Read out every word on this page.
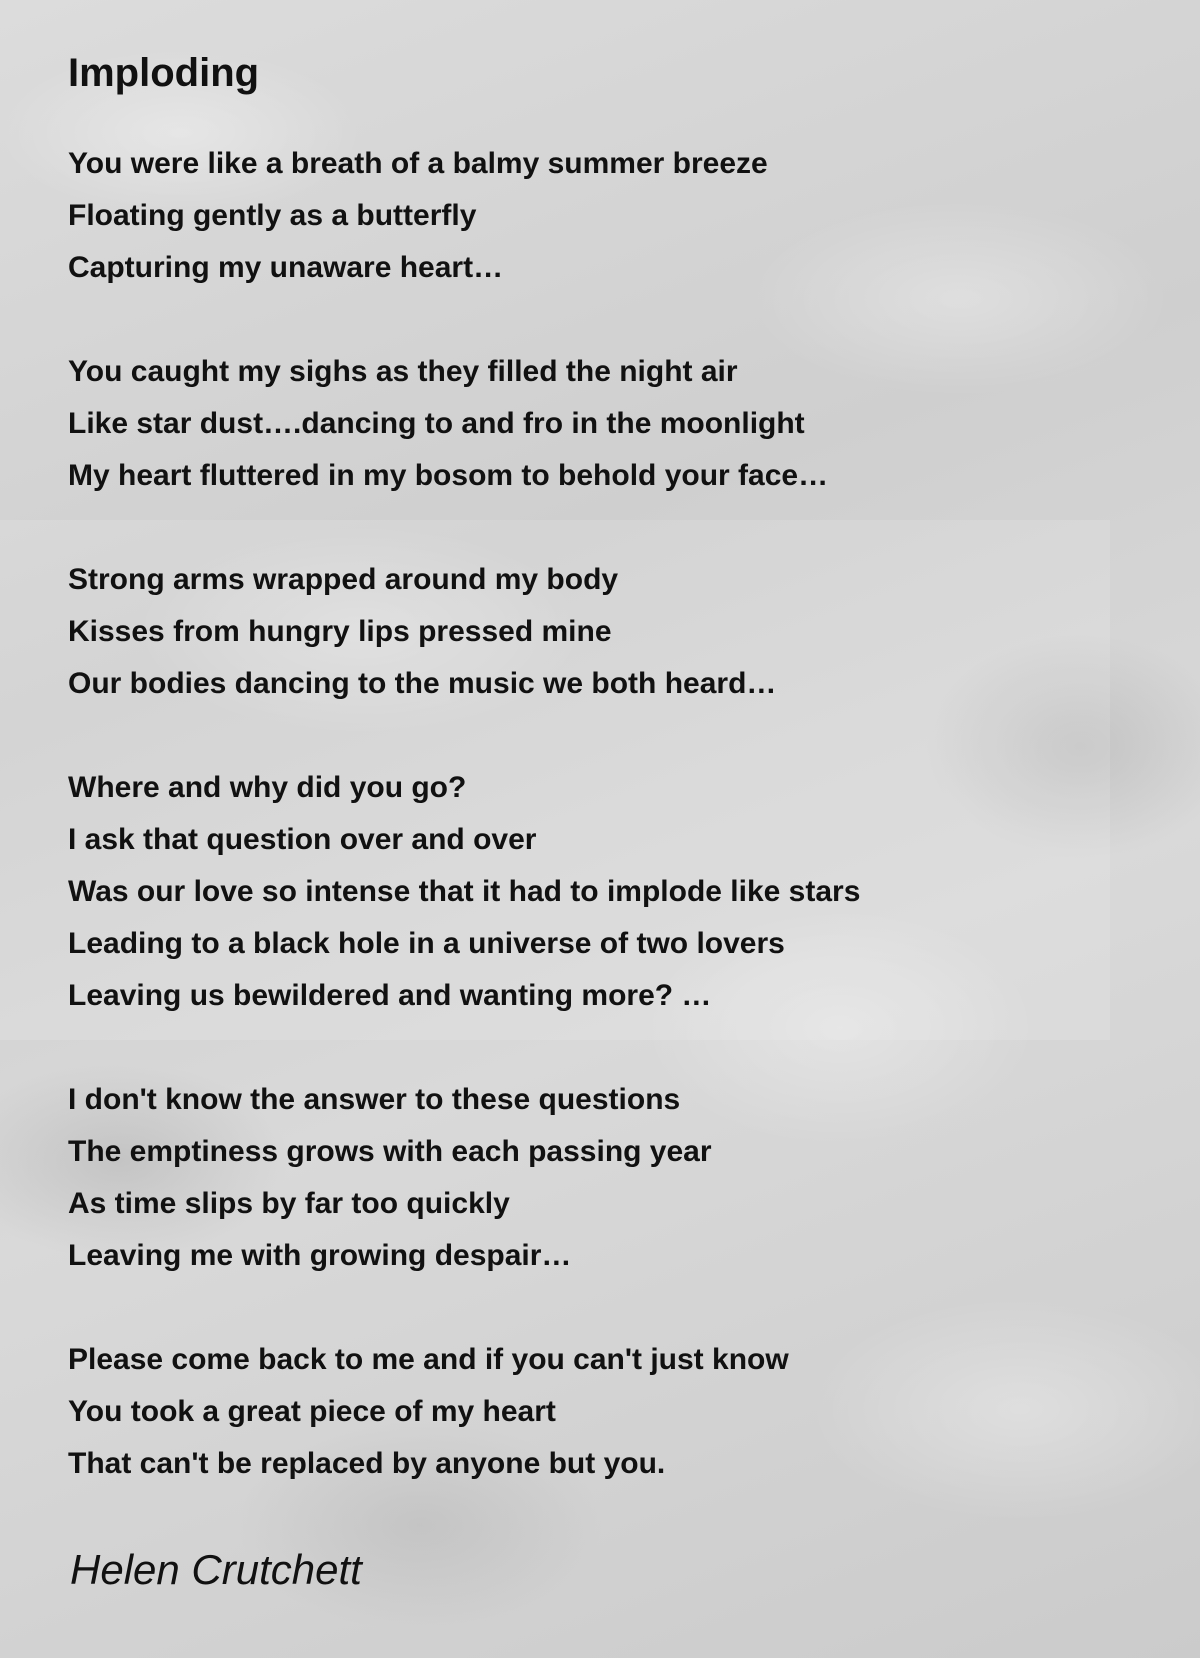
Imploding
You were like a breath of a balmy summer breeze
Floating gently as a butterfly
Capturing my unaware heart…
You caught my sighs as they filled the night air
Like star dust….dancing to and fro in the moonlight
My heart fluttered in my bosom to behold your face…
Strong arms wrapped around my body
Kisses from hungry lips pressed mine
Our bodies dancing to the music we both heard…
Where and why did you go?
I ask that question over and over
Was our love so intense that it had to implode like stars
Leading to a black hole in a universe of two lovers
Leaving us bewildered and wanting more? …
I don't know the answer to these questions
The emptiness grows with each passing year
As time slips by far too quickly
Leaving me with growing despair…
Please come back to me and if you can't just know
You took a great piece of my heart
That can't be replaced by anyone but you.
Helen Crutchett
